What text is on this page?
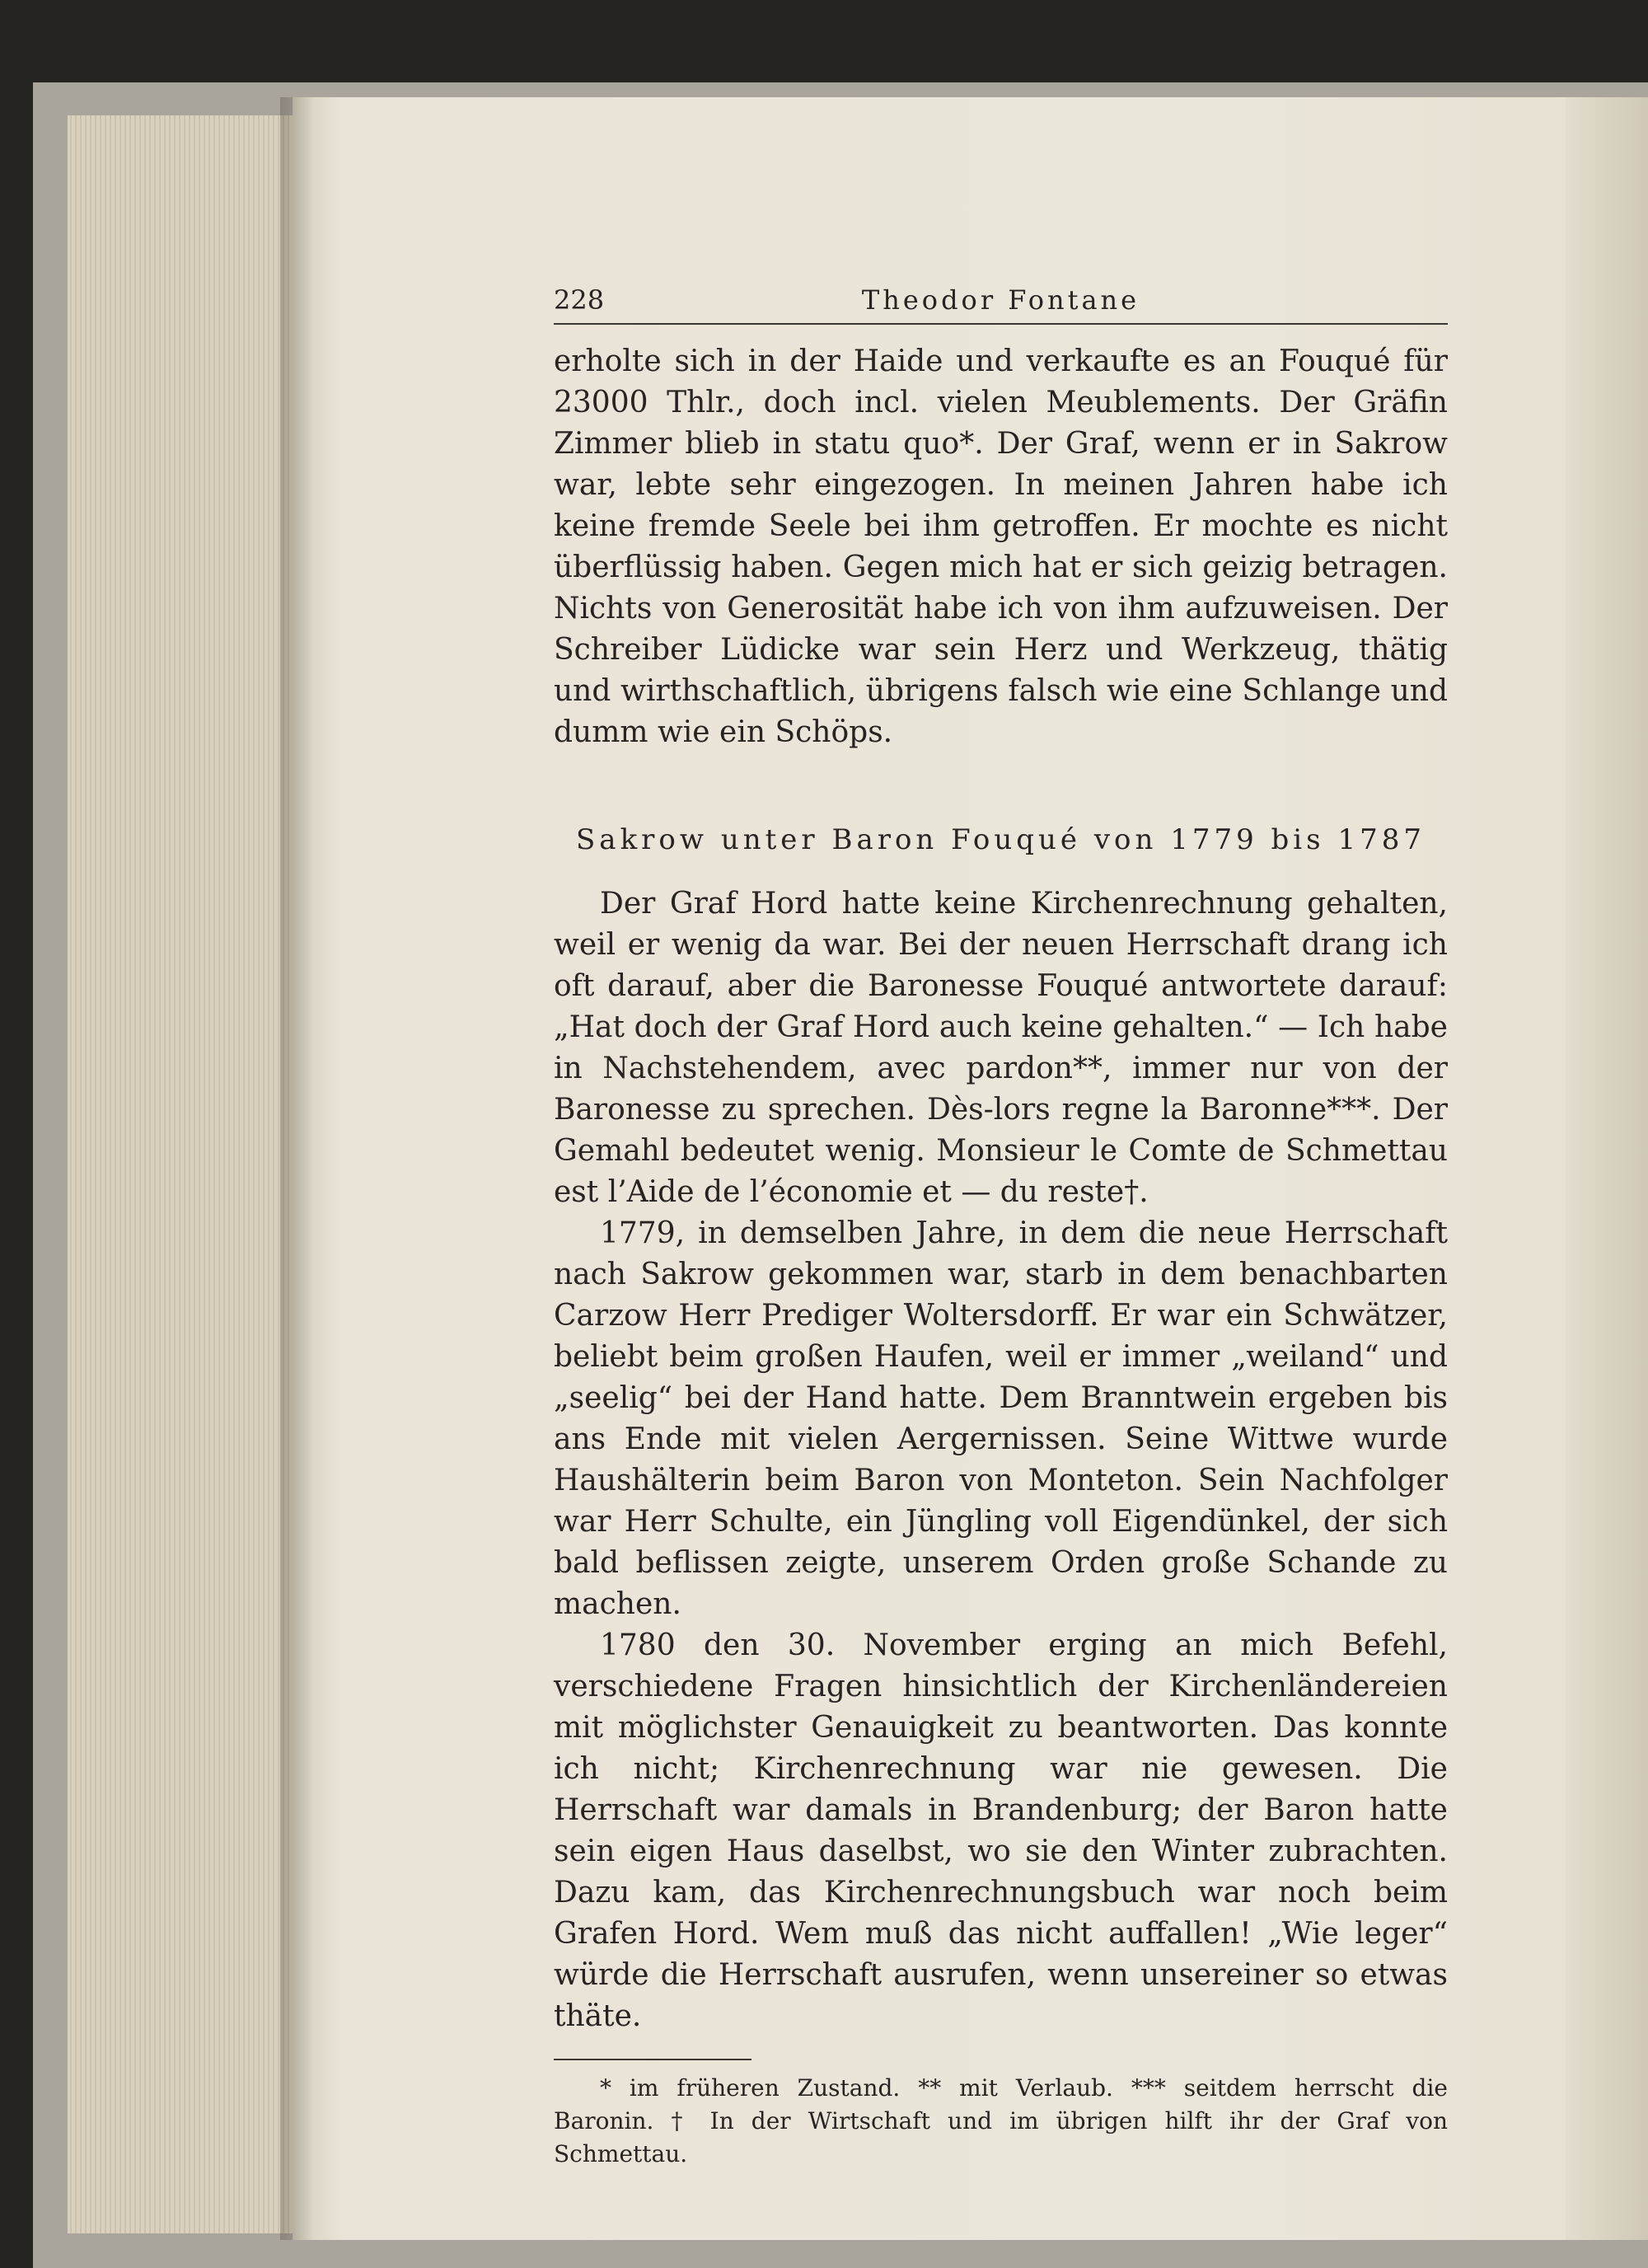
228	Theodor Fontane

erholte sich in der Haide und verkaufte es an Fouqué für 23000 Thlr., doch incl. vielen Meublements. Der Gräfin Zimmer blieb in statu quo*. Der Graf, wenn er in Sakrow war, lebte sehr eingezogen. In meinen Jahren habe ich keine fremde Seele bei ihm getroffen. Er mochte es nicht überflüssig haben. Gegen mich hat er sich geizig betragen. Nichts von Generosität habe ich von ihm aufzuweisen. Der Schreiber Lüdicke war sein Herz und Werkzeug, thätig und wirthschaftlich, übrigens falsch wie eine Schlange und dumm wie ein Schöps.

Sakrow unter Baron Fouqué von 1779 bis 1787

Der Graf Hord hatte keine Kirchenrechnung gehalten, weil er wenig da war. Bei der neuen Herrschaft drang ich oft darauf, aber die Baronesse Fouqué antwortete darauf: „Hat doch der Graf Hord auch keine gehalten.“ — Ich habe in Nachstehendem, avec pardon**, immer nur von der Baronesse zu sprechen. Dès-lors regne la Baronne***. Der Gemahl bedeutet wenig. Monsieur le Comte de Schmettau est l’Aide de l’économie et — du reste†.

1779, in demselben Jahre, in dem die neue Herrschaft nach Sakrow gekommen war, starb in dem benachbarten Carzow Herr Prediger Woltersdorff. Er war ein Schwätzer, beliebt beim großen Haufen, weil er immer „weiland“ und „seelig“ bei der Hand hatte. Dem Branntwein ergeben bis ans Ende mit vielen Aergernissen. Seine Wittwe wurde Haushälterin beim Baron von Monteton. Sein Nachfolger war Herr Schulte, ein Jüngling voll Eigendünkel, der sich bald beflissen zeigte, unserem Orden große Schande zu machen.

1780 den 30. November erging an mich Befehl, verschiedene Fragen hinsichtlich der Kirchenländereien mit möglichster Genauigkeit zu beantworten. Das konnte ich nicht; Kirchenrechnung war nie gewesen. Die Herrschaft war damals in Brandenburg; der Baron hatte sein eigen Haus daselbst, wo sie den Winter zubrachten. Dazu kam, das Kirchenrechnungsbuch war noch beim Grafen Hord. Wem muß das nicht auffallen! „Wie leger“ würde die Herrschaft ausrufen, wenn unsereiner so etwas thäte.

* im früheren Zustand. ** mit Verlaub. *** seitdem herrscht die Baronin. † In der Wirtschaft und im übrigen hilft ihr der Graf von Schmettau.
